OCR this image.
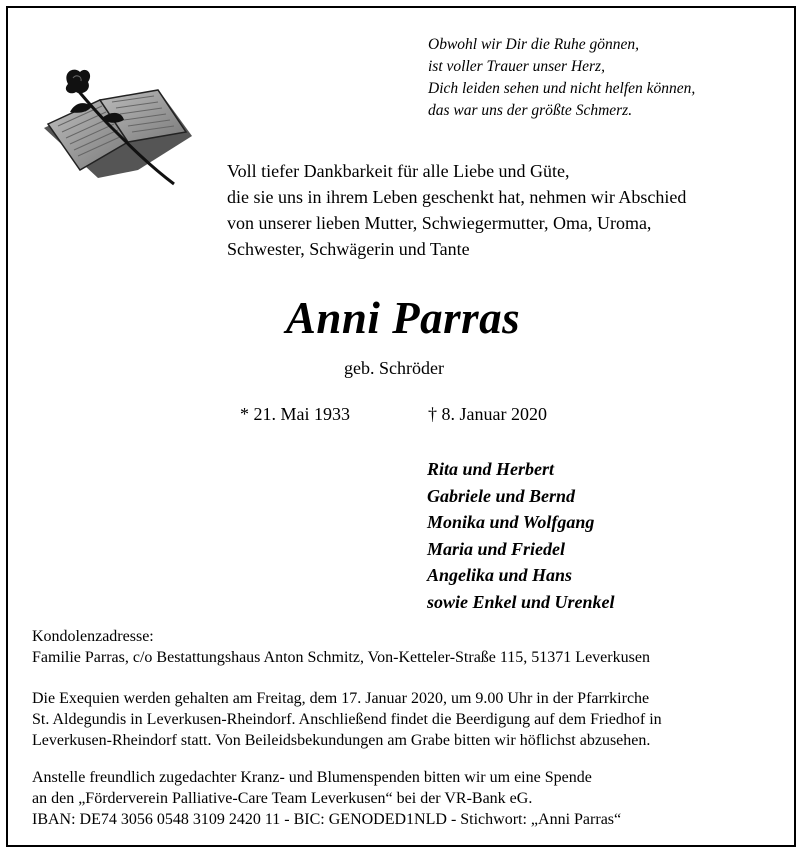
Obwohl wir Dir die Ruhe gönnen,
ist voller Trauer unser Herz,
Dich leiden sehen und nicht helfen können,
das war uns der größte Schmerz.
Voll tiefer Dankbarkeit für alle Liebe und Güte,
die sie uns in ihrem Leben geschenkt hat, nehmen wir Abschied
von unserer lieben Mutter, Schwiegermutter, Oma, Uroma,
Schwester, Schwägerin und Tante
Anni Parras
geb. Schröder
* 21. Mai 1933	† 8. Januar 2020
Rita und Herbert
Gabriele und Bernd
Monika und Wolfgang
Maria und Friedel
Angelika und Hans
sowie Enkel und Urenkel
Kondolenzadresse:
Familie Parras, c/o Bestattungshaus Anton Schmitz, Von-Ketteler-Straße 115, 51371 Leverkusen
Die Exequien werden gehalten am Freitag, dem 17. Januar 2020, um 9.00 Uhr in der Pfarrkirche
St. Aldegundis in Leverkusen-Rheindorf. Anschließend findet die Beerdigung auf dem Friedhof in
Leverkusen-Rheindorf statt. Von Beileidsbekundungen am Grabe bitten wir höflichst abzusehen.
Anstelle freundlich zugedachter Kranz- und Blumenspenden bitten wir um eine Spende
an den „Förderverein Palliative-Care Team Leverkusen“ bei der VR-Bank eG.
IBAN: DE74 3056 0548 3109 2420 11 - BIC: GENODED1NLD - Stichwort: „Anni Parras“
